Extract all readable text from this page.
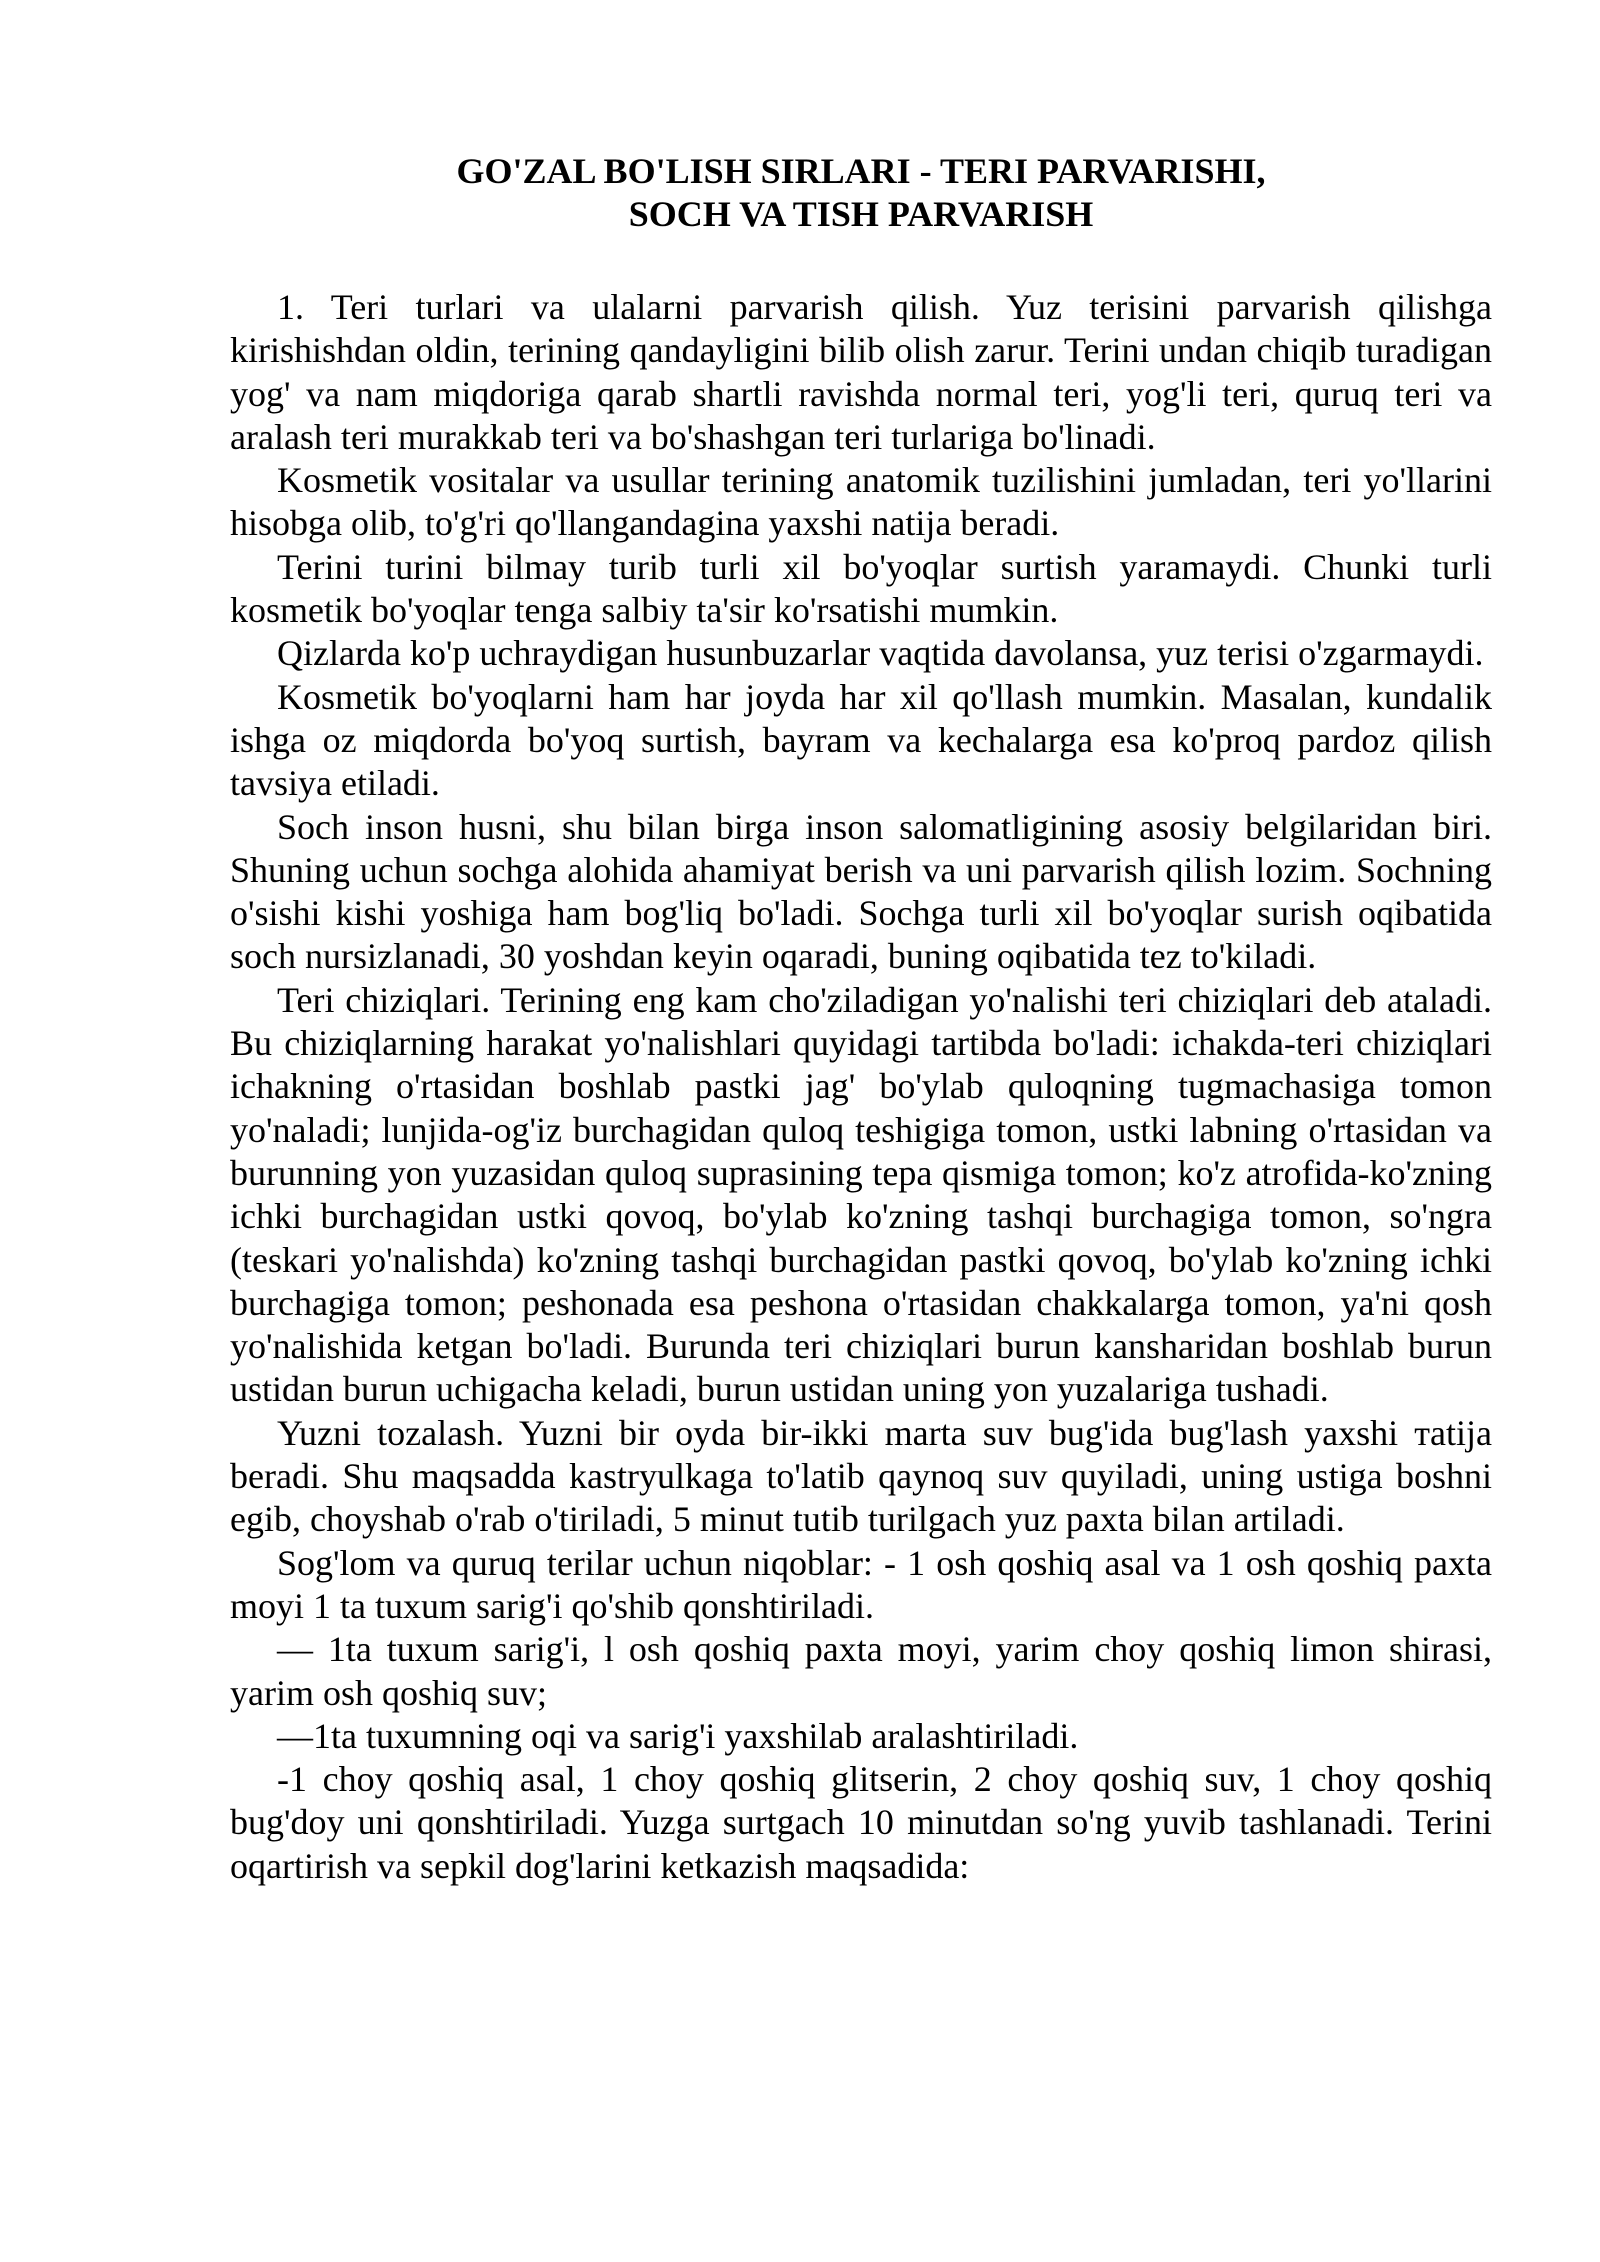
GO'ZAL BO'LISH SIRLARI - TERI PARVARISHI,
SOCH VA TISH PARVARISH

1. Teri turlari va ulalarni parvarish qilish. Yuz terisini parvarish qilishga kirishishdan oldin, terining qandayligini bilib olish zarur. Terini undan chiqib turadigan yog' va nam miqdoriga qarab shartli ravishda normal teri, yog'li teri, quruq teri va aralash teri murakkab teri va bo'shashgan teri turlariga bo'linadi.

Kosmetik vositalar va usullar terining anatomik tuzilishini jumladan, teri yo'llarini hisobga olib, to'g'ri qo'llangandagina yaxshi natija beradi.

Terini turini bilmay turib turli xil bo'yoqlar surtish yaramaydi. Chunki turli kosmetik bo'yoqlar tenga salbiy ta'sir ko'rsatishi mumkin.

Qizlarda ko'p uchraydigan husunbuzarlar vaqtida davolansa, yuz terisi o'zgarmaydi.

Kosmetik bo'yoqlarni ham har joyda har xil qo'llash mumkin. Masalan, kundalik ishga oz miqdorda bo'yoq surtish, bayram va kechalarga esa ko'proq pardoz qilish tavsiya etiladi.

Soch inson husni, shu bilan birga inson salomatligining asosiy belgilaridan biri. Shuning uchun sochga alohida ahamiyat berish va uni parvarish qilish lozim. Sochning o'sishi kishi yoshiga ham bog'liq bo'ladi. Sochga turli xil bo'yoqlar surish oqibatida soch nursizlanadi, 30 yoshdan keyin oqaradi, buning oqibatida tez to'kiladi.

Teri chiziqlari. Terining eng kam cho'ziladigan yo'nalishi teri chiziqlari deb ataladi. Bu chiziqlarning harakat yo'nalishlari quyidagi tartibda bo'ladi: ichakda-teri chiziqlari ichakning o'rtasidan boshlab pastki jag' bo'ylab quloqning tugmachasiga tomon yo'naladi; lunjida-og'iz burchagidan quloq teshigiga tomon, ustki labning o'rtasidan va burunning yon yuzasidan quloq suprasining tepa qismiga tomon; ko'z atrofida-ko'zning ichki burchagidan ustki qovoq, bo'ylab ko'zning tashqi burchagiga tomon, so'ngra (teskari yo'nalishda) ko'zning tashqi burchagidan pastki qovoq, bo'ylab ko'zning ichki burchagiga tomon; peshonada esa peshona o'rtasidan chakkalarga tomon, ya'ni qosh yo'nalishida ketgan bo'ladi. Burunda teri chiziqlari burun kansharidan boshlab burun ustidan burun uchigacha keladi, burun ustidan uning yon yuzalariga tushadi.

Yuzni tozalash. Yuzni bir oyda bir-ikki marta suv bug'ida bug'lash yaxshi тatija beradi. Shu maqsadda kastryulkaga to'latib qaynoq suv quyiladi, uning ustiga boshni egib, choyshab o'rab o'tiriladi, 5 minut tutib turilgach yuz paxta bilan artiladi.

Sog'lom va quruq terilar uchun niqoblar: - 1 osh qoshiq asal va 1 osh qoshiq paxta moyi 1 ta tuxum sarig'i qo'shib qonshtiriladi.

— 1ta tuxum sarig'i, l osh qoshiq paxta moyi, yarim choy qoshiq limon shirasi, yarim osh qoshiq suv;

—1ta tuxumning oqi va sarig'i yaxshilab aralashtiriladi.

-1 choy qoshiq asal, 1 choy qoshiq glitserin, 2 choy qoshiq suv, 1 choy qoshiq bug'doy uni qonshtiriladi. Yuzga surtgach 10 minutdan so'ng yuvib tashlanadi. Terini oqartirish va sepkil dog'larini ketkazish maqsadida:
